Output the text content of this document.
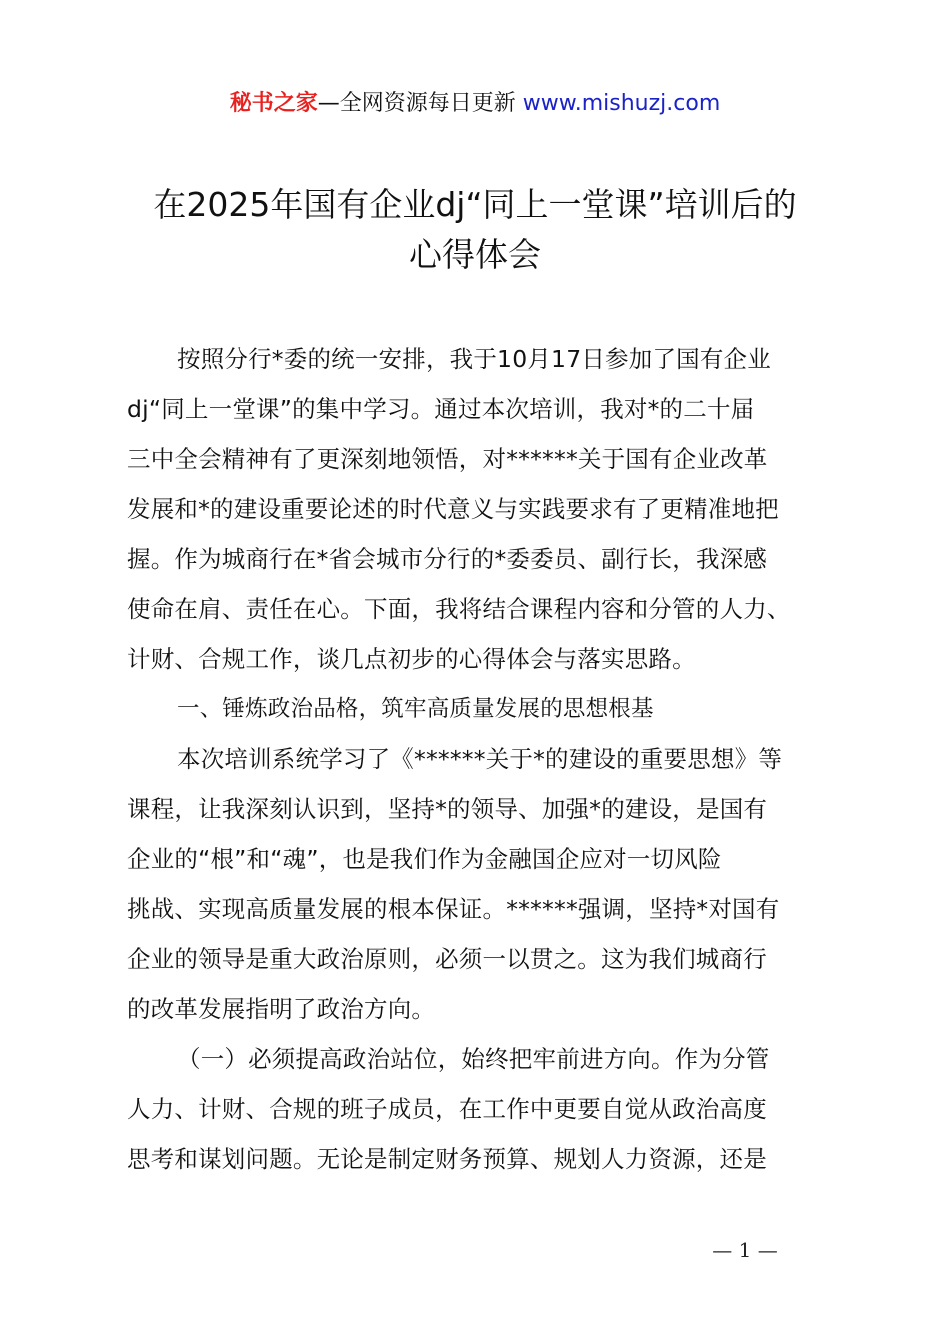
秘书之家—全网资源每日更新 www.mishuzj.com
在2025年国有企业dj“同上一堂课”培训后的
心得体会
按照分行*委的统一安排，我于10月17日参加了国有企业
dj“同上一堂课”的集中学习。通过本次培训，我对*的二十届
三中全会精神有了更深刻地领悟，对******关于国有企业改革
发展和*的建设重要论述的时代意义与实践要求有了更精准地把
握。作为城商行在*省会城市分行的*委委员、副行长，我深感
使命在肩、责任在心。下面，我将结合课程内容和分管的人力、
计财、合规工作，谈几点初步的心得体会与落实思路。
一、锤炼政治品格，筑牢高质量发展的思想根基
本次培训系统学习了《******关于*的建设的重要思想》等
课程，让我深刻认识到，坚持*的领导、加强*的建设，是国有
企业的“根”和“魂”，也是我们作为金融国企应对一切风险
挑战、实现高质量发展的根本保证。******强调，坚持*对国有
企业的领导是重大政治原则，必须一以贯之。这为我们城商行
的改革发展指明了政治方向。
（一）必须提高政治站位，始终把牢前进方向。作为分管
人力、计财、合规的班子成员，在工作中更要自觉从政治高度
思考和谋划问题。无论是制定财务预算、规划人力资源，还是
— 1 —
